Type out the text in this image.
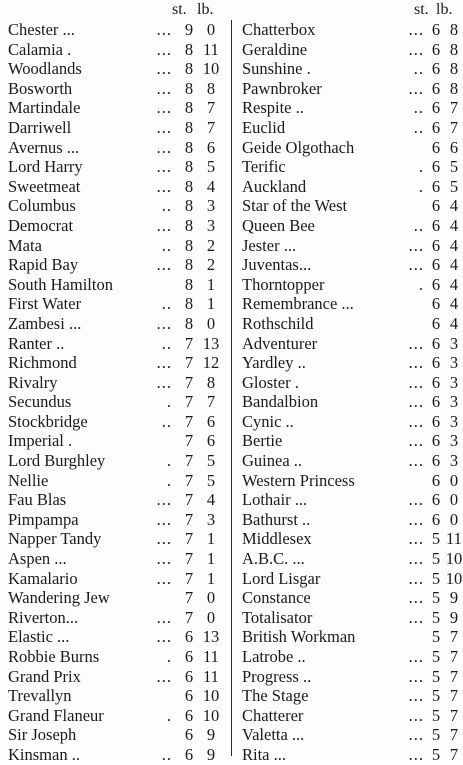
st. lb.
Chester ...	... 9 0
Calamia .	... 8 11
Woodlands	... 8 10
Bosworth	... 8 8
Martindale	... 8 7
Darriwell	... 8 7
Avernus ...	... 8 6
Lord Harry	... 8 5
Sweetmeat	... 8 4
Columbus	.. 8 3
Democrat	... 8 3
Mata	.. 8 2
Rapid Bay	... 8 2
South Hamilton	8 1
First Water	.. 8 1
Zambesi ...	... 8 0
Ranter ..	.. 7 13
Richmond	... 7 12
Rivalry	... 7 8
Secundus	. 7 7
Stockbridge	.. 7 6
Imperial .	7 6
Lord Burghley	. 7 5
Nellie	. 7 5
Fau Blas	... 7 4
Pimpampa	... 7 3
Napper Tandy	... 7 1
Aspen ...	... 7 1
Kamalario	... 7 1
Wandering Jew	7 0
Riverton...	... 7 0
Elastic ...	... 6 13
Robbie Burns	. 6 11
Grand Prix	... 6 11
Trevallyn	6 10
Grand Flaneur	. 6 10
Sir Joseph	6 9
Kinsman ..	.. 6 9
st. lb.
Chatterbox	... 6 8
Geraldine	... 6 8
Sunshine .	.. 6 8
Pawnbroker	... 6 8
Respite ..	.. 6 7
Euclid	.. 6 7
Geide Olgothach	6 6
Terific	. 6 5
Auckland	. 6 5
Star of the West	6 4
Queen Bee	.. 6 4
Jester ...	... 6 4
Juventas...	... 6 4
Thorntopper	. 6 4
Remembrance ...	6 4
Rothschild	6 4
Adventurer	... 6 3
Yardley ..	... 6 3
Gloster .	... 6 3
Bandalbion	... 6 3
Cynic ..	... 6 3
Bertie	... 6 3
Guinea ..	... 6 3
Western Princess	6 0
Lothair ...	... 6 0
Bathurst ..	... 6 0
Middlesex	... 5 11
A.B.C. ...	... 5 10
Lord Lisgar	... 5 10
Constance	... 5 9
Totalisator	... 5 9
British Workman	5 7
Latrobe ..	... 5 7
Progress ..	... 5 7
The Stage	... 5 7
Chatterer	... 5 7
Valetta ...	... 5 7
Rita ...	... 5 7
